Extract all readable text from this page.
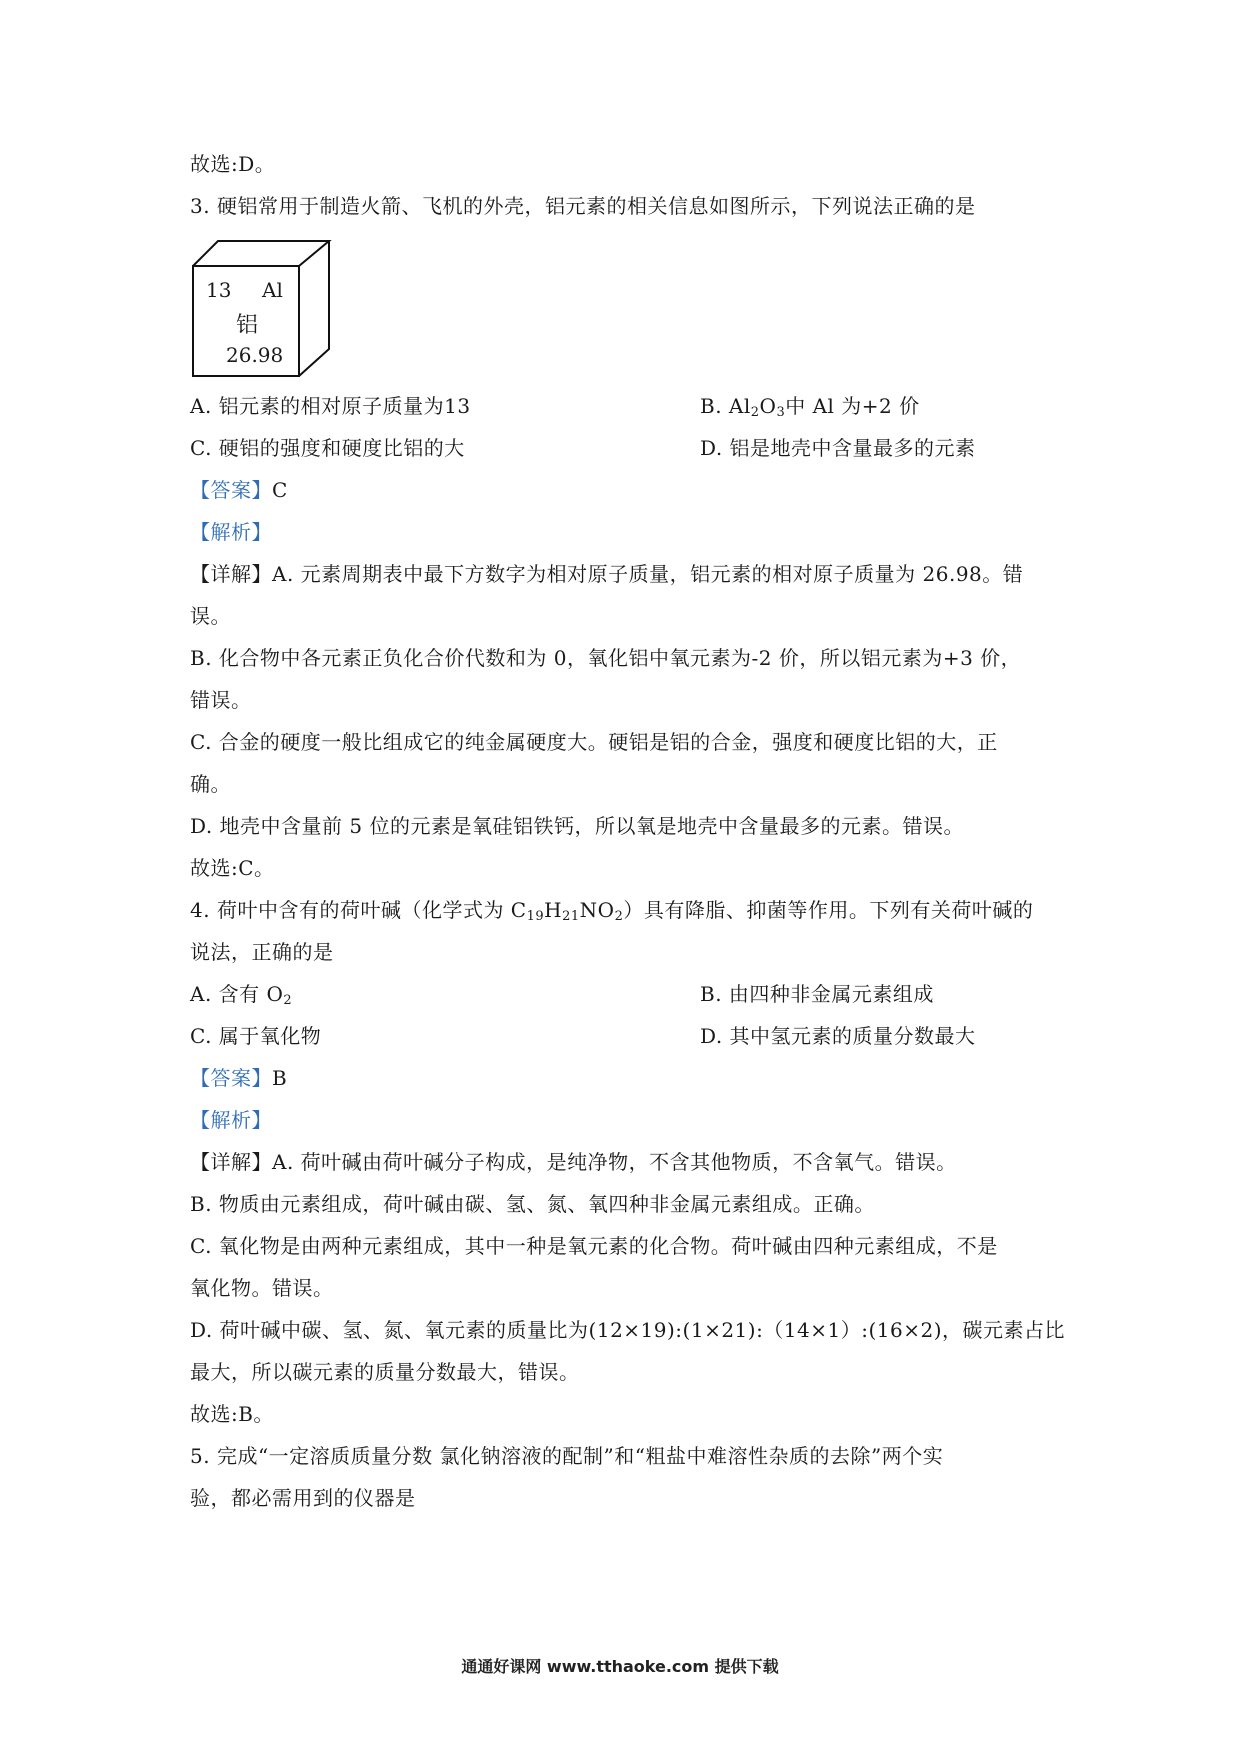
故选:D。
3. 硬铝常用于制造火箭、飞机的外壳，铝元素的相关信息如图所示，下列说法正确的是
13 Al
铝
26.98
A. 铝元素的相对原子质量为13	B. $Al_2O_3$中 Al 为+2 价
C. 硬铝的强度和硬度比铝的大	D. 铝是地壳中含量最多的元素
【答案】C
【解析】
【详解】A. 元素周期表中最下方数字为相对原子质量，铝元素的相对原子质量为 26.98。错
误。
B. 化合物中各元素正负化合价代数和为 0，氧化铝中氧元素为-2 价，所以铝元素为+3 价，
错误。
C. 合金的硬度一般比组成它的纯金属硬度大。硬铝是铝的合金，强度和硬度比铝的大，正
确。
D. 地壳中含量前 5 位的元素是氧硅铝铁钙，所以氧是地壳中含量最多的元素。错误。
故选:C。
4. 荷叶中含有的荷叶碱（化学式为 $C_{19}H_{21}NO_2$）具有降脂、抑菌等作用。下列有关荷叶碱的
说法，正确的是
A. 含有 $O_2$	B. 由四种非金属元素组成
C. 属于氧化物	D. 其中氢元素的质量分数最大
【答案】B
【解析】
【详解】A. 荷叶碱由荷叶碱分子构成，是纯净物，不含其他物质，不含氧气。错误。
B. 物质由元素组成，荷叶碱由碳、氢、氮、氧四种非金属元素组成。正确。
C. 氧化物是由两种元素组成，其中一种是氧元素的化合物。荷叶碱由四种元素组成，不是
氧化物。错误。
D. 荷叶碱中碳、氢、氮、氧元素的质量比为(12×19):(1×21):（14×1）:(16×2)，碳元素占比
最大，所以碳元素的质量分数最大，错误。
故选:B。
5. 完成“一定溶质质量分数 氯化钠溶液的配制”和“粗盐中难溶性杂质的去除”两个实
验，都必需用到的仪器是
通通好课网 www.tthaoke.com 提供下载
